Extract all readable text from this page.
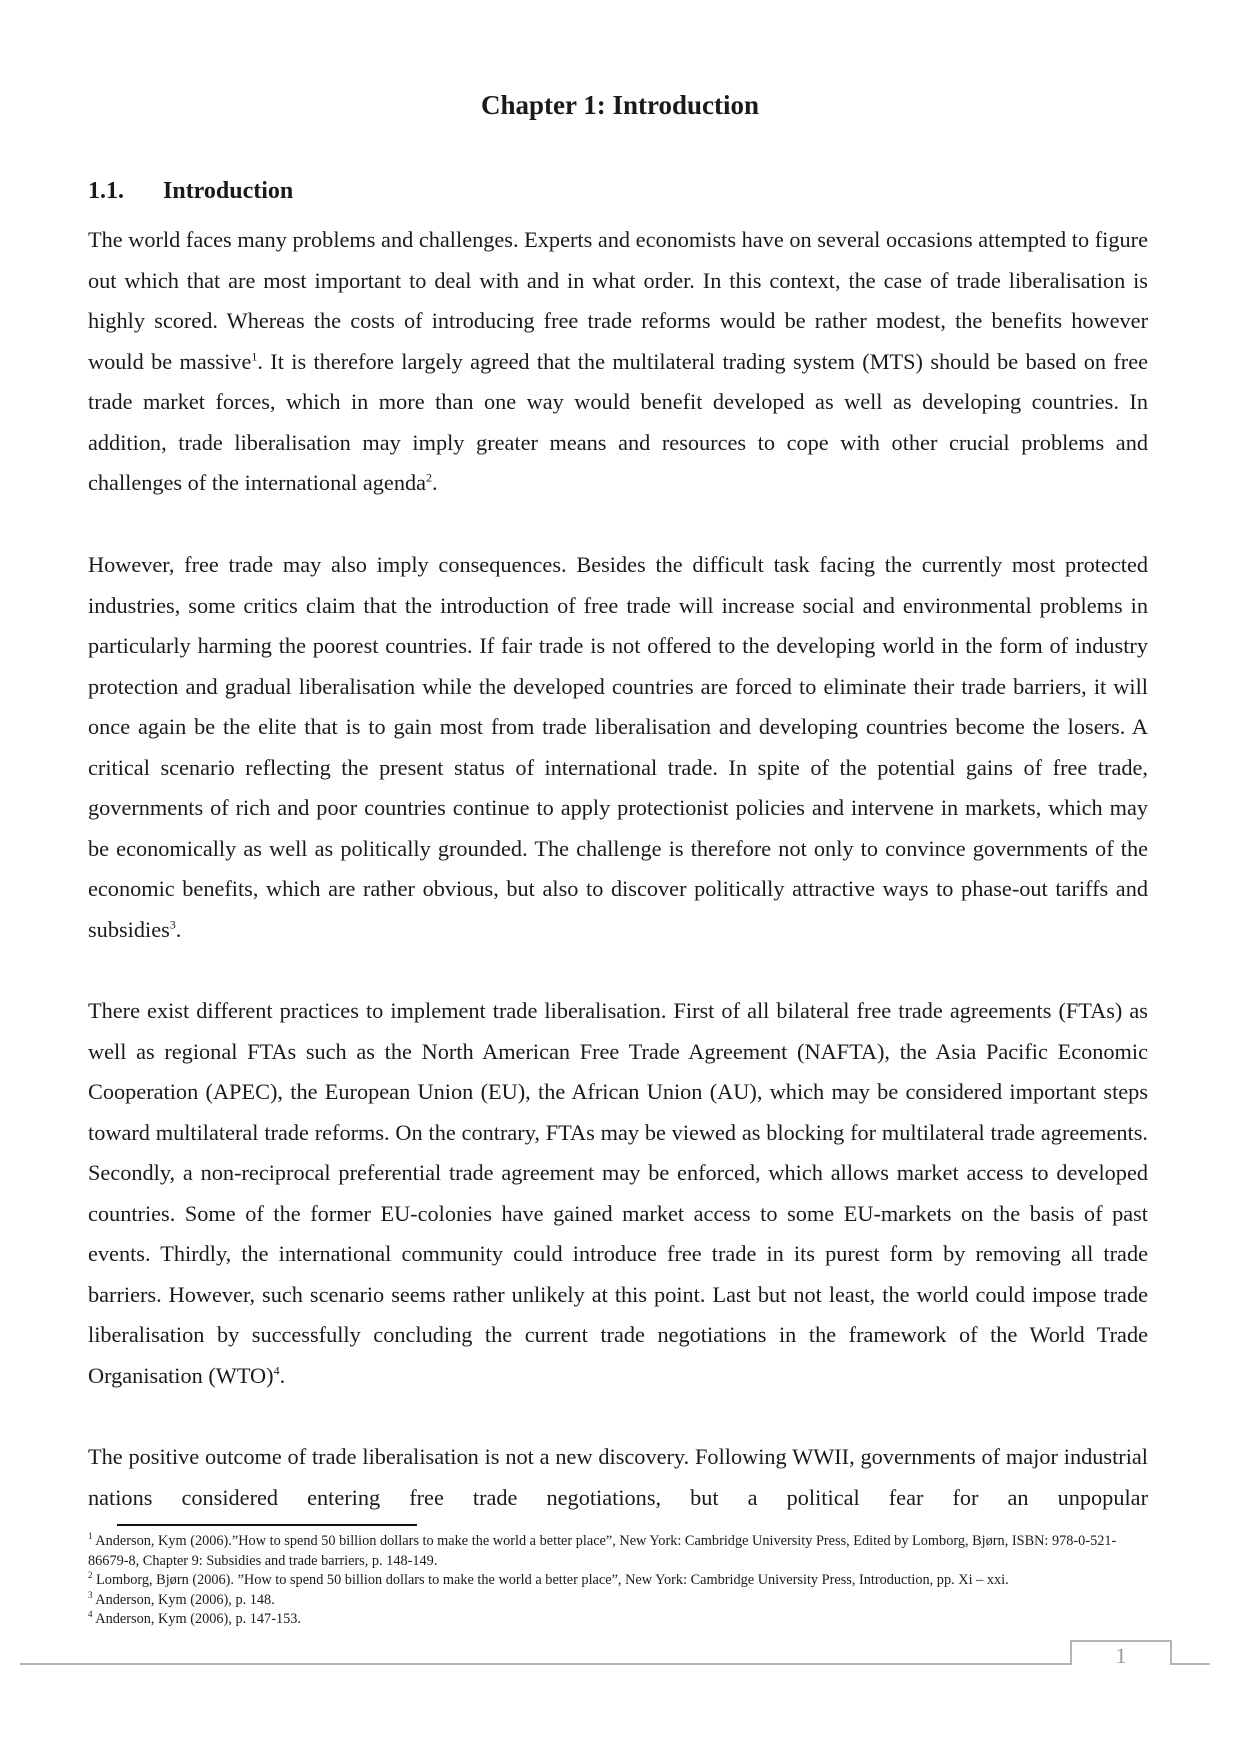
Chapter 1: Introduction
1.1.	Introduction

The world faces many problems and challenges. Experts and economists have on several occasions attempted to figure out which that are most important to deal with and in what order. In this context, the case of trade liberalisation is highly scored. Whereas the costs of introducing free trade reforms would be rather modest, the benefits however would be massive$^1$. It is therefore largely agreed that the multilateral trading system (MTS) should be based on free trade market forces, which in more than one way would benefit developed as well as developing countries. In addition, trade liberalisation may imply greater means and resources to cope with other crucial problems and challenges of the international agenda$^2$.

However, free trade may also imply consequences. Besides the difficult task facing the currently most protected industries, some critics claim that the introduction of free trade will increase social and environmental problems in particularly harming the poorest countries. If fair trade is not offered to the developing world in the form of industry protection and gradual liberalisation while the developed countries are forced to eliminate their trade barriers, it will once again be the elite that is to gain most from trade liberalisation and developing countries become the losers. A critical scenario reflecting the present status of international trade. In spite of the potential gains of free trade, governments of rich and poor countries continue to apply protectionist policies and intervene in markets, which may be economically as well as politically grounded. The challenge is therefore not only to convince governments of the economic benefits, which are rather obvious, but also to discover politically attractive ways to phase-out tariffs and subsidies$^3$.

There exist different practices to implement trade liberalisation. First of all bilateral free trade agreements (FTAs) as well as regional FTAs such as the North American Free Trade Agreement (NAFTA), the Asia Pacific Economic Cooperation (APEC), the European Union (EU), the African Union (AU), which may be considered important steps toward multilateral trade reforms. On the contrary, FTAs may be viewed as blocking for multilateral trade agreements. Secondly, a non-reciprocal preferential trade agreement may be enforced, which allows market access to developed countries. Some of the former EU-colonies have gained market access to some EU-markets on the basis of past events. Thirdly, the international community could introduce free trade in its purest form by removing all trade barriers. However, such scenario seems rather unlikely at this point. Last but not least, the world could impose trade liberalisation by successfully concluding the current trade negotiations in the framework of the World Trade Organisation (WTO)$^4$.

The positive outcome of trade liberalisation is not a new discovery. Following WWII, governments of major industrial nations considered entering free trade negotiations, but a political fear for an unpopular

$^1$ Anderson, Kym (2006).”How to spend 50 billion dollars to make the world a better place”, New York: Cambridge University Press, Edited by Lomborg, Bjørn, ISBN: 978-0-521-86679-8, Chapter 9: Subsidies and trade barriers, p. 148-149.

$^2$ Lomborg, Bjørn (2006). ”How to spend 50 billion dollars to make the world a better place”, New York: Cambridge University Press, Introduction, pp. Xi – xxi.

$^3$ Anderson, Kym (2006), p. 148.

$^4$ Anderson, Kym (2006), p. 147-153.

1
